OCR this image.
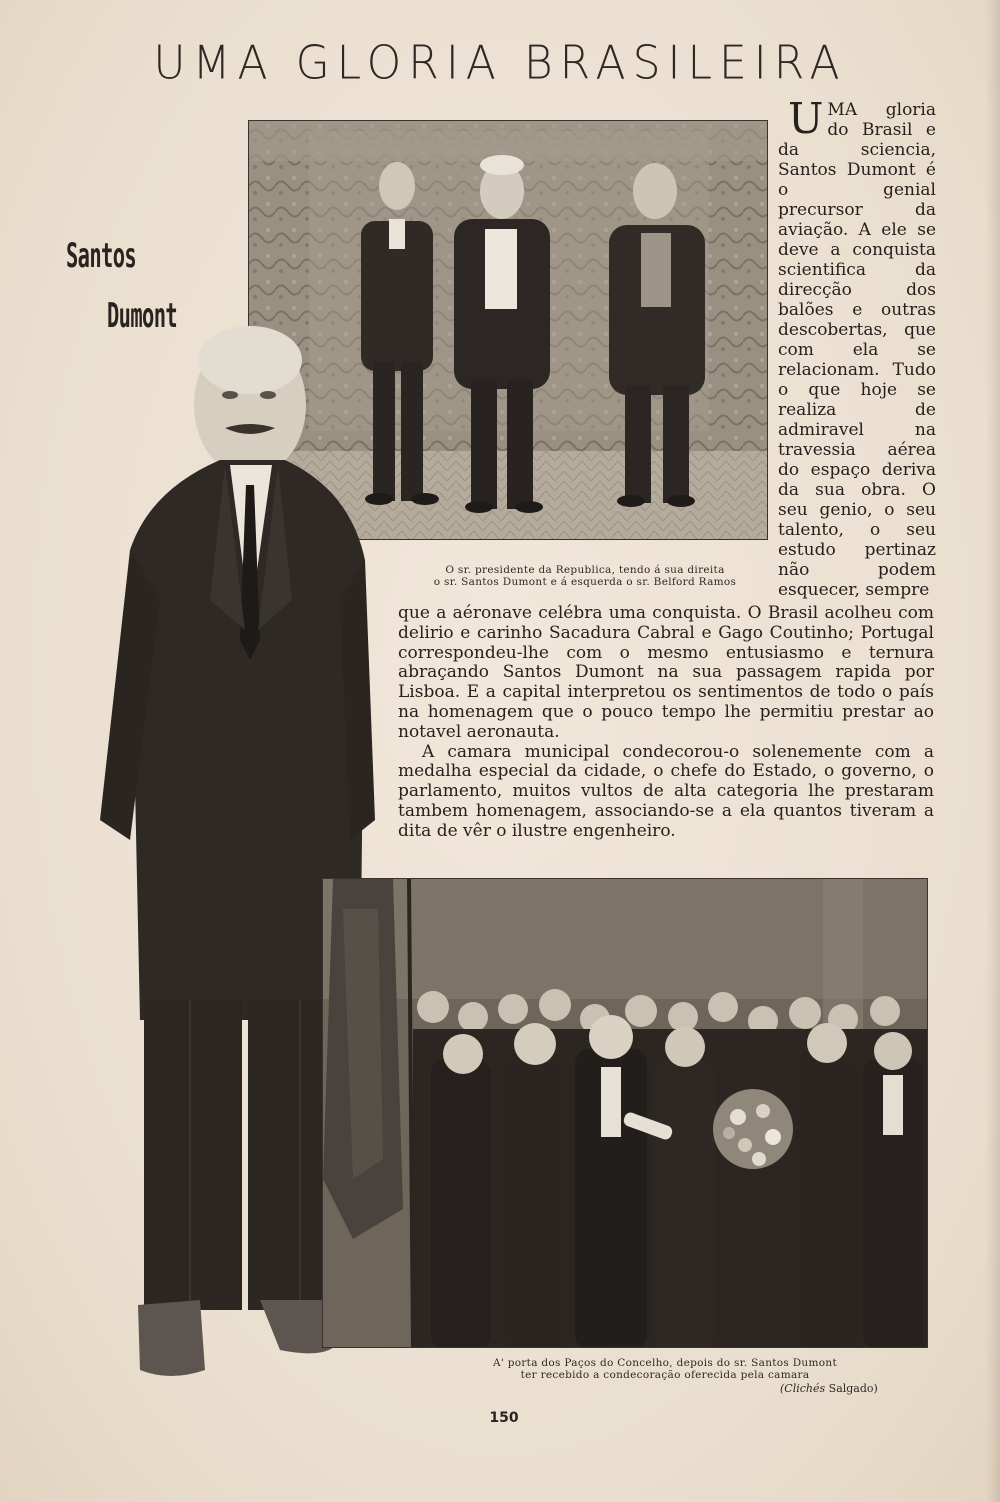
UMA GLORIA BRASILEIRA
Santos
Dumont
O sr. presidente da Republica, tendo á sua direita
o sr. Santos Dumont e á esquerda o sr. Belford Ramos
A' porta dos Paços do Concelho, depois do sr. Santos Dumont
ter recebido a condecoração oferecida pela camara
(Clichés Salgado)

U MA gloria do Brasil e da sciencia, Santos Dumont é o genial precursor da aviação. A ele se deve a conquista scientifica da direcção dos balões e outras descobertas, que com ela se relacionam. Tudo o que hoje se realiza de admiravel na travessia aérea do espaço deriva da sua obra. O seu genio, o seu talento, o seu estudo pertinaz não podem esquecer, sempre

que a aéronave celébra uma conquista. O Brasil acolheu com delirio e carinho Sacadura Cabral e Gago Coutinho; Portugal correspondeu-lhe com o mesmo entusiasmo e ternura abraçando Santos Dumont na sua passagem rapida por Lisboa. E a capital interpretou os sentimentos de todo o país na homenagem que o pouco tempo lhe permitiu prestar ao notavel aeronauta.

A camara municipal condecorou-o solenemente com a medalha especial da cidade, o chefe do Estado, o governo, o parlamento, muitos vultos de alta categoria lhe prestaram tambem homenagem, associando-se a ela quantos tiveram a dita de vêr o ilustre engenheiro.

150
